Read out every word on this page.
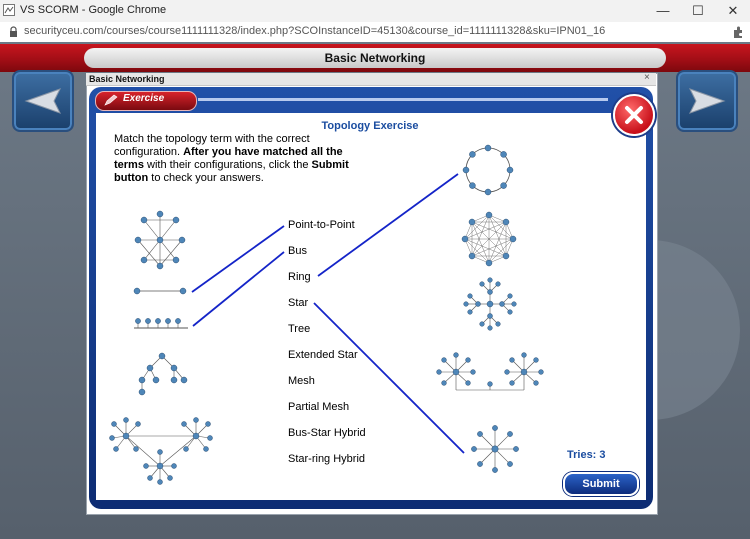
VS SCORM - Google Chrome	—	☐	✕
securityceu.com/courses/course1111111328/index.php?SCOInstanceID=45130&course_id=1111111328&sku=IPN01_16
Basic Networking
Basic Networking	×
Exercise
Topology Exercise
Match the topology term with the correct configuration. After you have matched all the terms with their configurations, click the Submit button to check your answers.
Point-to-Point
Bus
Ring
Star
Tree
Extended Star
Mesh
Partial Mesh
Bus-Star Hybrid
Star-ring Hybrid	Tries: 3
Submit
